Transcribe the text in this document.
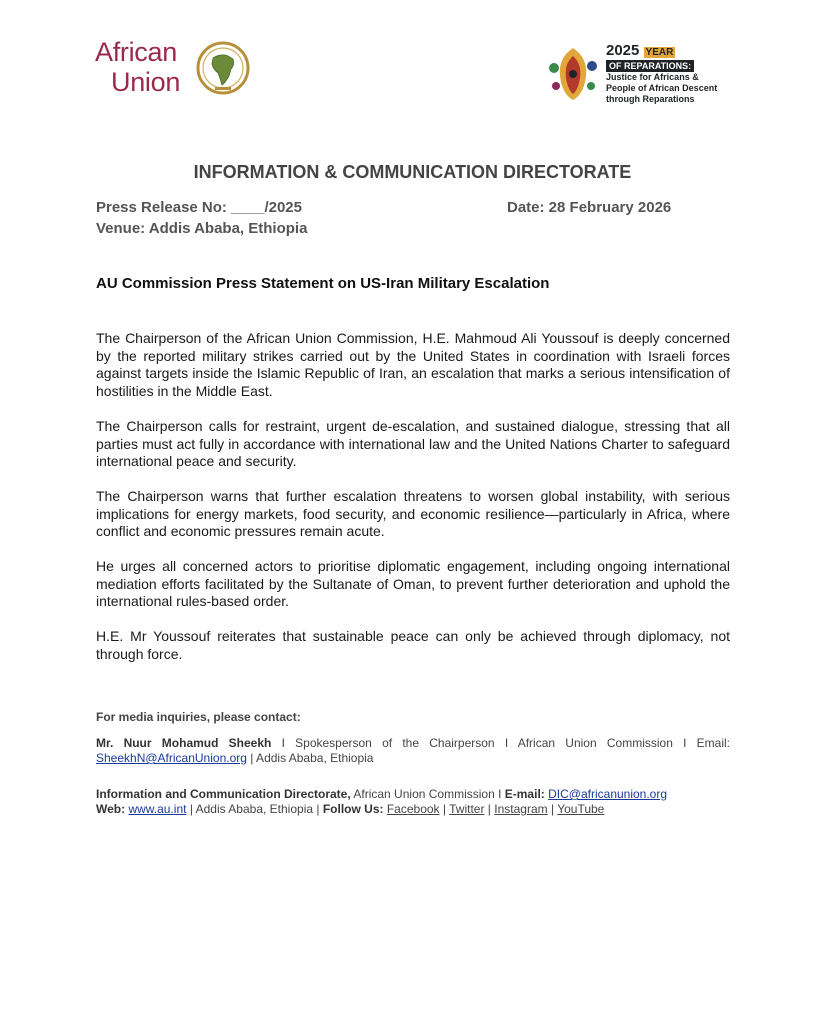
African
Union
2025 YEAR
OF REPARATIONS:
Justice for Africans &
People of African Descent
through Reparations
INFORMATION & COMMUNICATION DIRECTORATE
Press Release No: ____/2025	Date: 28 February 2026
Venue: Addis Ababa, Ethiopia
AU Commission Press Statement on US-Iran Military Escalation

The Chairperson of the African Union Commission, H.E. Mahmoud Ali Youssouf is deeply concerned by the reported military strikes carried out by the United States in coordination with Israeli forces against targets inside the Islamic Republic of Iran, an escalation that marks a serious intensification of hostilities in the Middle East.

The Chairperson calls for restraint, urgent de-escalation, and sustained dialogue, stressing that all parties must act fully in accordance with international law and the United Nations Charter to safeguard international peace and security.

The Chairperson warns that further escalation threatens to worsen global instability, with serious implications for energy markets, food security, and economic resilience—particularly in Africa, where conflict and economic pressures remain acute.

He urges all concerned actors to prioritise diplomatic engagement, including ongoing international mediation efforts facilitated by the Sultanate of Oman, to prevent further deterioration and uphold the international rules-based order.

H.E. Mr Youssouf reiterates that sustainable peace can only be achieved through diplomacy, not through force.

For media inquiries, please contact:

Mr. Nuur Mohamud Sheekh I Spokesperson of the Chairperson I African Union Commission I Email: SheekhN@AfricanUnion.org | Addis Ababa, Ethiopia

Information and Communication Directorate, African Union Commission I E-mail: DIC@africanunion.org
Web: www.au.int | Addis Ababa, Ethiopia | Follow Us: Facebook | Twitter | Instagram | YouTube
